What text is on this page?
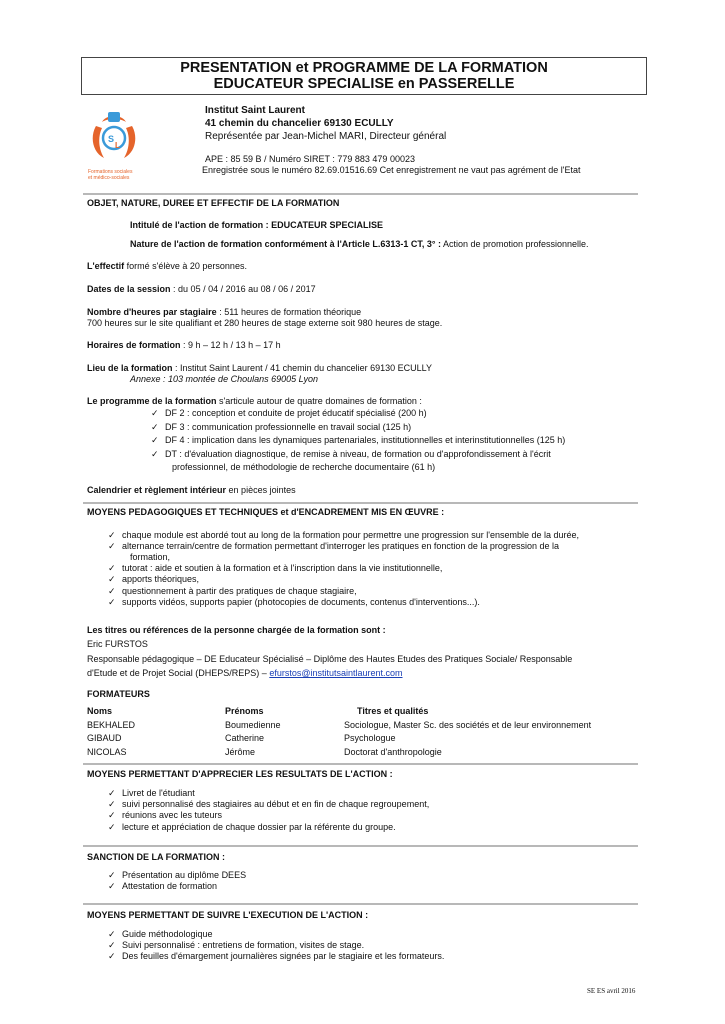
PRESENTATION et PROGRAMME DE LA FORMATION
EDUCATEUR SPECIALISE en PASSERELLE
S
L
Formations sociales
et médico-sociales
Institut Saint Laurent
41 chemin du chancelier 69130 ECULLY
Représentée par Jean-Michel MARI, Directeur général
APE : 85 59 B / Numéro SIRET : 779 883 479 00023
Enregistrée sous le numéro 82.69.01516.69 Cet enregistrement ne vaut pas agrément de l'Etat
OBJET, NATURE, DUREE ET EFFECTIF DE LA FORMATION
Intitulé de l'action de formation : EDUCATEUR SPECIALISE
Nature de l'action de formation conformément à l'Article L.6313-1 CT, 3° : Action de promotion professionnelle.
L'effectif formé s'élève à 20 personnes.
Dates de la session : du 05 / 04 / 2016 au 08 / 06 / 2017
Nombre d'heures par stagiaire : 511 heures de formation théorique
700 heures sur le site qualifiant et 280 heures de stage externe soit 980 heures de stage.
Horaires de formation : 9 h – 12 h / 13 h – 17 h
Lieu de la formation : Institut Saint Laurent / 41 chemin du chancelier 69130 ECULLY
Annexe : 103 montée de Choulans 69005 Lyon
Le programme de la formation s'articule autour de quatre domaines de formation :
✓ DF 2 : conception et conduite de projet éducatif spécialisé (200 h)
✓ DF 3 : communication professionnelle en travail social (125 h)
✓ DF 4 : implication dans les dynamiques partenariales, institutionnelles et interinstitutionnelles (125 h)
✓ DT : d'évaluation diagnostique, de remise à niveau, de formation ou d'approfondissement à l'écrit
professionnel, de méthodologie de recherche documentaire (61 h)
Calendrier et règlement intérieur en pièces jointes
MOYENS PEDAGOGIQUES ET TECHNIQUES et d'ENCADREMENT MIS EN ŒUVRE :
✓ chaque module est abordé tout au long de la formation pour permettre une progression sur l'ensemble de la durée,
✓ alternance terrain/centre de formation permettant d'interroger les pratiques en fonction de la progression de la
formation,
✓ tutorat : aide et soutien à la formation et à l'inscription dans la vie institutionnelle,
✓ apports théoriques,
✓ questionnement à partir des pratiques de chaque stagiaire,
✓ supports vidéos, supports papier (photocopies de documents, contenus d'interventions...).
Les titres ou références de la personne chargée de la formation sont :
Eric FURSTOS
Responsable pédagogique – DE Educateur Spécialisé – Diplôme des Hautes Etudes des Pratiques Sociale/ Responsable
d'Etude et de Projet Social (DHEPS/REPS) – efurstos@institutsaintlaurent.com
FORMATEURS
Noms	Prénoms	Titres et qualités
BEKHALED	Boumedienne	Sociologue, Master Sc. des sociétés et de leur environnement
GIBAUD	Catherine	Psychologue
NICOLAS	Jérôme	Doctorat d'anthropologie
MOYENS PERMETTANT D'APPRECIER LES RESULTATS DE L'ACTION :
✓ Livret de l'étudiant
✓ suivi personnalisé des stagiaires au début et en fin de chaque regroupement,
✓ réunions avec les tuteurs
✓ lecture et appréciation de chaque dossier par la référente du groupe.
SANCTION DE LA FORMATION :
✓ Présentation au diplôme DEES
✓ Attestation de formation
MOYENS PERMETTANT DE SUIVRE L'EXECUTION DE L'ACTION :
✓ Guide méthodologique
✓ Suivi personnalisé : entretiens de formation, visites de stage.
✓ Des feuilles d'émargement journalières signées par le stagiaire et les formateurs.
SE ES avril 2016
